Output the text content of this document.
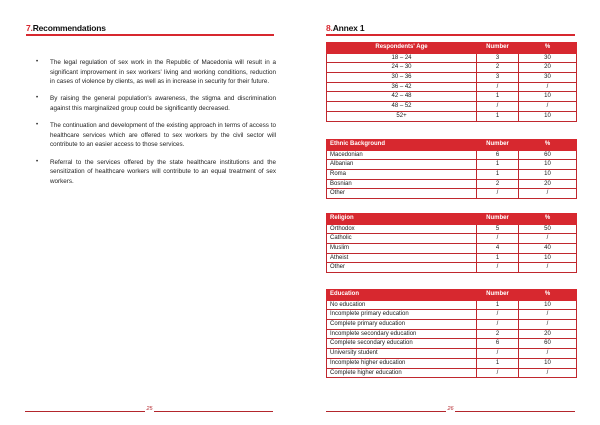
7.Recommendations
• The legal regulation of sex work in the Republic of Macedonia will result in a significant improvement in sex workers' living and working conditions, reduction in cases of violence by clients, as well as in increase in security for their future.
• By raising the general population's awareness, the stigma and discrimination against this marginalized group could be significantly decreased.
• The continuation and development of the existing approach in terms of access to healthcare services which are offered to sex workers by the civil sector will contribute to an easier access to those services.
• Referral to the services offered by the state healthcare institutions and the sensitization of healthcare workers will contribute to an equal treatment of sex workers.
25
8.Annex 1
26
Respondents' Age	Number	%
18 – 24	3	30
24 – 30	2	20
30 – 36	3	30
36 – 42	/	/
42 – 48	1	10
48 – 52	/	/
52+	1	10
Ethnic Background	Number	%
Macedonian	6	60
Albanian	1	10
Roma	1	10
Bosnian	2	20
Other	/	/
Religion	Number	%
Orthodox	5	50
Catholic	/	/
Muslim	4	40
Atheist	1	10
Other	/	/
Education	Number	%
No education	1	10
Incomplete primary education	/	/
Complete primary education	/	/
Incomplete secondary education	2	20
Complete secondary education	6	60
University student	/	/
Incomplete higher education	1	10
Complete higher education	/	/
